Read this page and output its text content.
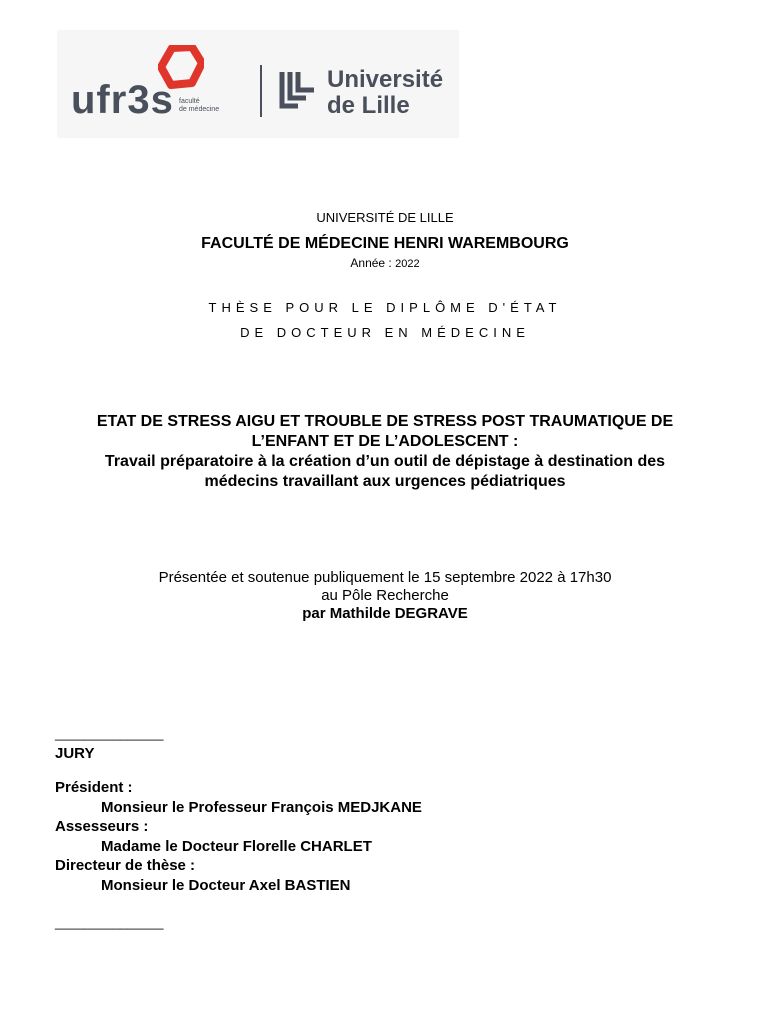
ufr3s faculté
de médecine
Université
de Lille
UNIVERSITÉ DE LILLE
FACULTÉ DE MÉDECINE HENRI WAREMBOURG
Année : 2022
THÈSE POUR LE DIPLÔME D'ÉTAT
DE DOCTEUR EN MÉDECINE
ETAT DE STRESS AIGU ET TROUBLE DE STRESS POST TRAUMATIQUE DE
L’ENFANT ET DE L’ADOLESCENT :
Travail préparatoire à la création d’un outil de dépistage à destination des
médecins travaillant aux urgences pédiatriques
Présentée et soutenue publiquement le 15 septembre 2022 à 17h30
au Pôle Recherche
par Mathilde DEGRAVE
_______________
JURY
Président :
Monsieur le Professeur François MEDJKANE
Assesseurs :
Madame le Docteur Florelle CHARLET
Directeur de thèse :
Monsieur le Docteur Axel BASTIEN
_______________
